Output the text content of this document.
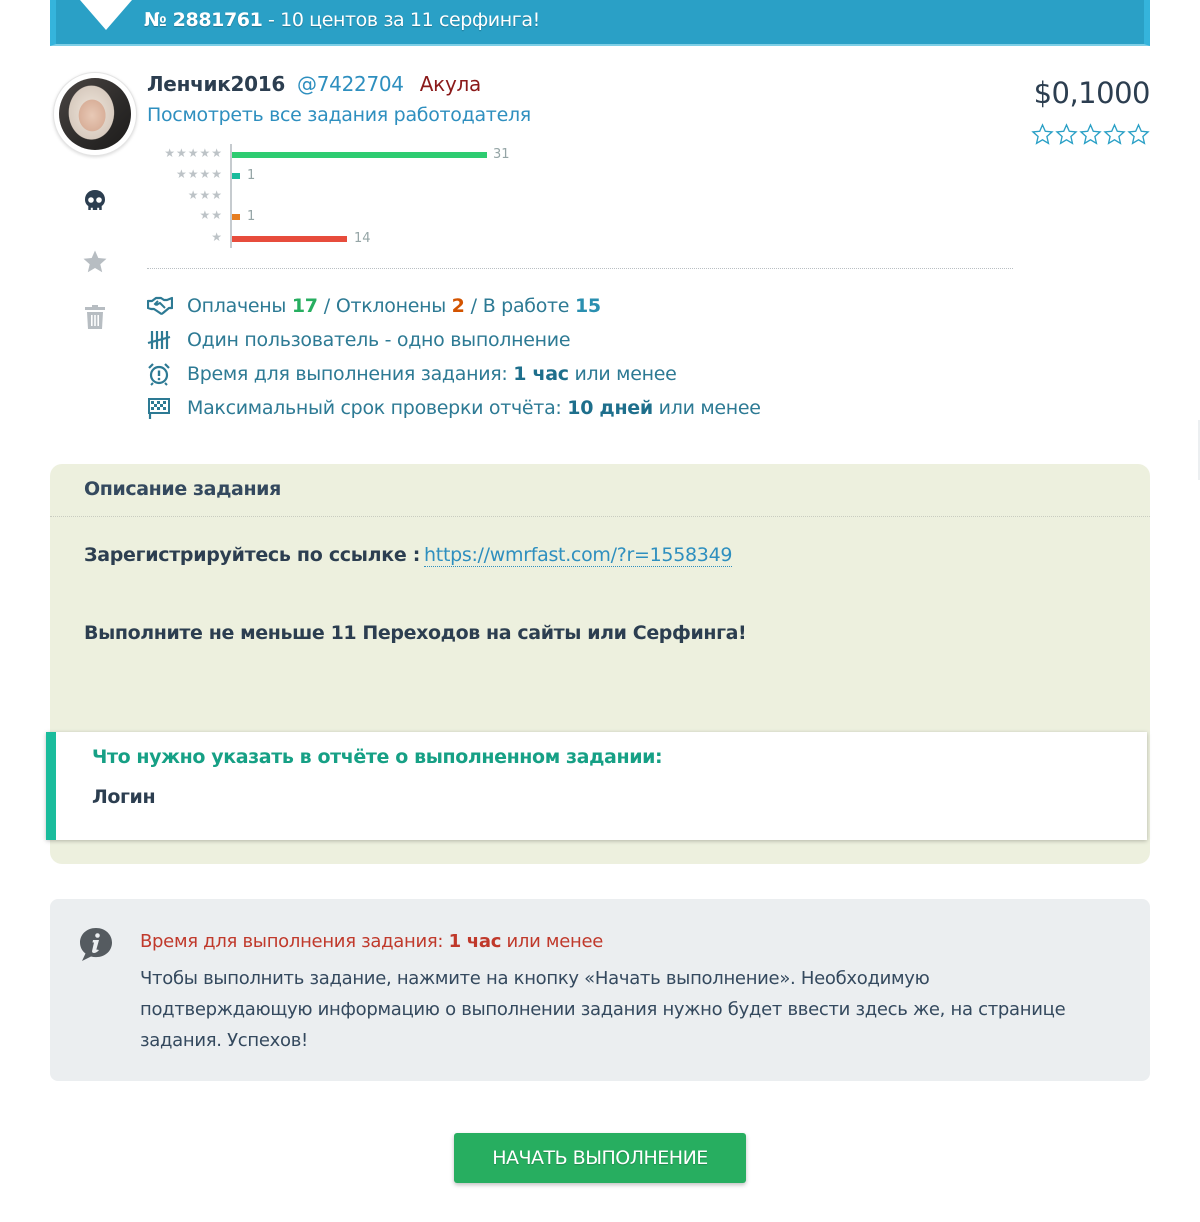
№ 2881761 - 10 центов за 11 серфинга!
Ленчик2016 @7422704 Акула
Посмотреть все задания работодателя
$0,1000
★★★★★	31
★★★★ 1
★★★
★★ 1
★	14
Оплачены
17 / Отклонены
2 / В работе
15
Один пользователь - одно выполнение
Время для выполнения задания:
1 час
или менее
Максимальный срок проверки отчёта:
10 дней
или менее
Описание задания
Зарегистрируйтесь по ссылке : https://wmrfast.com/?r=1558349
Выполните не меньше 11 Переходов на сайты или Серфинга!
Что нужно указать в отчёте о выполненном задании:
Логин
Время для выполнения задания: 1 час или менее
Чтобы выполнить задание, нажмите на кнопку «Начать выполнение». Необходимую подтверждающую информацию о выполнении задания нужно будет ввести здесь же, на странице задания. Успехов!
НАЧАТЬ ВЫПОЛНЕНИЕ
